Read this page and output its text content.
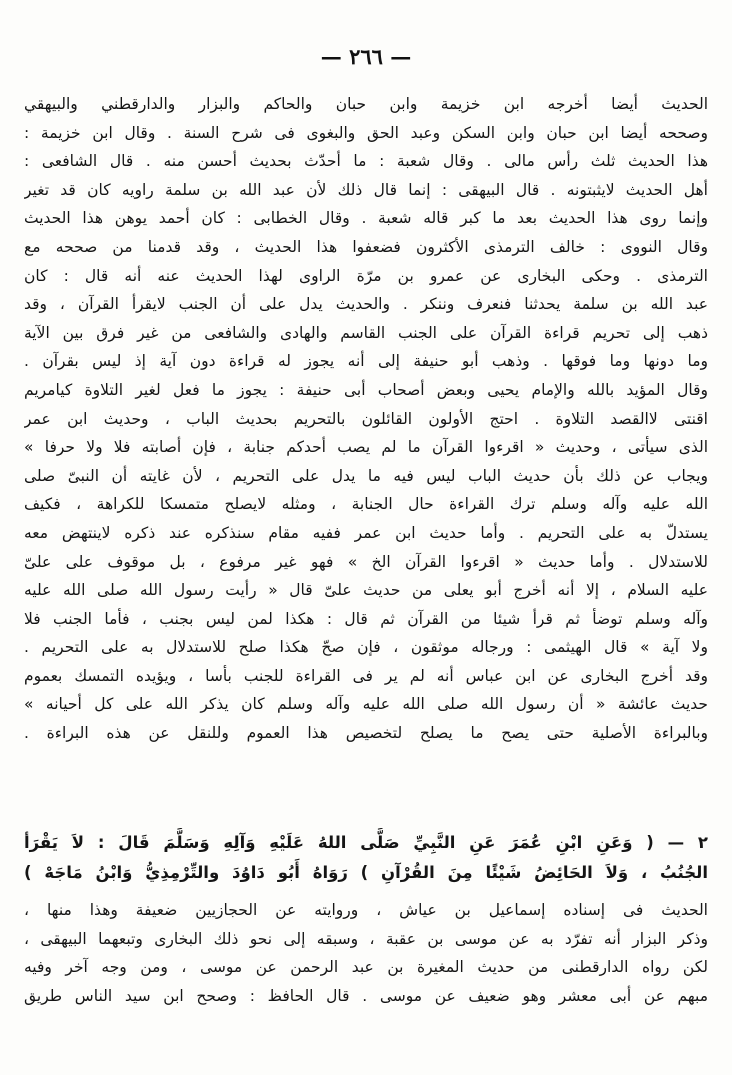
— ٢٦٦ —
الحديث أيضا أخرجه ابن خزيمة وابن حبان والحاكم والبزار والدارقطني والبيهقي
وصححه أيضا ابن حبان وابن السكن وعبد الحق والبغوى فى شرح السنة . وقال ابن خزيمة :
هذا الحديث ثلث رأس مالى . وقال شعبة : ما أحدّث بحديث أحسن منه . قال الشافعى :
أهل الحديث لايثبتونه . قال البيهقى : إنما قال ذلك لأن عبد الله بن سلمة راويه كان قد تغير
وإنما روى هذا الحديث بعد ما كبر قاله شعبة . وقال الخطابى : كان أحمد يوهن هذا الحديث
وقال النووى : خالف الترمذى الأكثرون فضعفوا هذا الحديث ، وقد قدمنا من صححه مع
الترمذى . وحكى البخارى عن عمرو بن مرّة الراوى لهذا الحديث عنه أنه قال : كان
عبد الله بن سلمة يحدثنا فنعرف وننكر . والحديث يدل على أن الجنب لايقرأ القرآن ، وقد
ذهب إلى تحريم قراءة القرآن على الجنب القاسم والهادى والشافعى من غير فرق بين الآية
وما دونها وما فوقها . وذهب أبو حنيفة إلى أنه يجوز له قراءة دون آية إذ ليس بقرآن .
وقال المؤيد بالله والإمام يحيى وبعض أصحاب أبى حنيفة : يجوز ما فعل لغير التلاوة كيامريم
اقنتى لاالقصد التلاوة . احتج الأولون القائلون بالتحريم بحديث الباب ، وحديث ابن عمر
الذى سيأتى ، وحديث « اقرءوا القرآن ما لم يصب أحدكم جنابة ، فإن أصابته فلا ولا حرفا »
ويجاب عن ذلك بأن حديث الباب ليس فيه ما يدل على التحريم ، لأن غايته أن النبىّ صلى
الله عليه وآله وسلم ترك القراءة حال الجنابة ، ومثله لايصلح متمسكا للكراهة ، فكيف
يستدلّ به على التحريم . وأما حديث ابن عمر ففيه مقام سنذكره عند ذكره لاينتهض معه
للاستدلال . وأما حديث « اقرءوا القرآن الخ » فهو غير مرفوع ، بل موقوف على علىّ
عليه السلام ، إلا أنه أخرج أبو يعلى من حديث علىّ قال « رأيت رسول الله صلى الله عليه
وآله وسلم توضأ ثم قرأ شيئا من القرآن ثم قال : هكذا لمن ليس بجنب ، فأما الجنب فلا
ولا آية » قال الهيثمى : ورجاله موثقون ، فإن صحّ هكذا صلح للاستدلال به على التحريم .
وقد أخرج البخارى عن ابن عباس أنه لم ير فى القراءة للجنب بأسا ، ويؤيده التمسك بعموم
حديث عائشة « أن رسول الله صلى الله عليه وآله وسلم كان يذكر الله على كل أحيانه »
وبالبراءة الأصلية حتى يصح ما يصلح لتخصيص هذا العموم وللنقل عن هذه البراءة .
٢ — ( وَعَنِ ابْنِ عُمَرَ عَنِ النَّبِيِّ صَلَّى اللهُ عَلَيْهِ وَآلِهِ وَسَلَّمَ قَالَ : لاَ يَقْرَأ
الجُنُبُ ، وَلاَ الحَائِضُ شَيْئًا مِنَ القُرْآنِ ) رَوَاهُ أَبُو دَاوُدَ والتِّرْمِذِيُّ وَابْنُ مَاجَهْ )
الحديث فى إسناده إسماعيل بن عياش ، وروايته عن الحجازيين ضعيفة وهذا منها ،
وذكر البزار أنه تفرّد به عن موسى بن عقبة ، وسبقه إلى نحو ذلك البخارى وتبعهما البيهقى ،
لكن رواه الدارقطنى من حديث المغيرة بن عبد الرحمن عن موسى ، ومن وجه آخر وفيه
مبهم عن أبى معشر وهو ضعيف عن موسى . قال الحافظ : وصحح ابن سيد الناس طريق
